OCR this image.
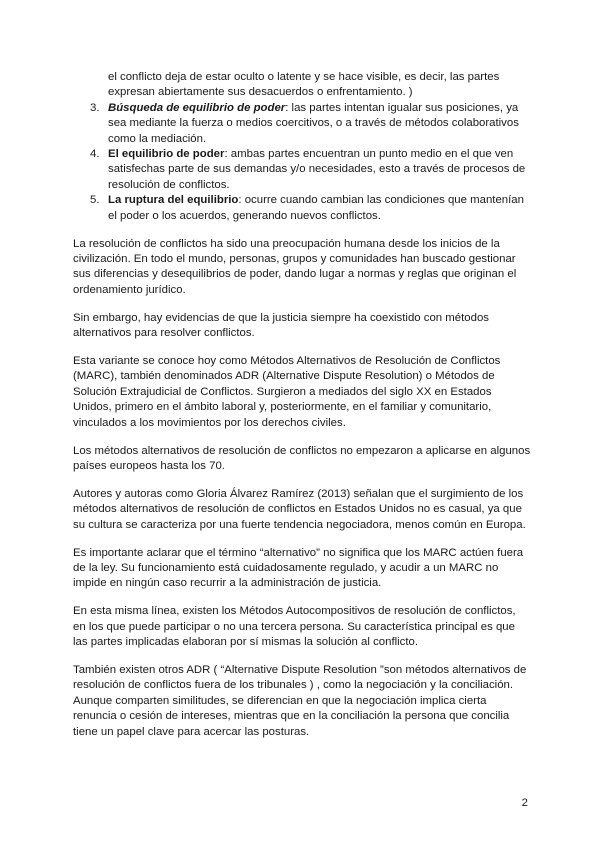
el conflicto deja de estar oculto o latente y se hace visible, es decir, las partes expresan abiertamente sus desacuerdos o enfrentamiento. )

3. Búsqueda de equilibrio de poder: las partes intentan igualar sus posiciones, ya sea mediante la fuerza o medios coercitivos, o a través de métodos colaborativos como la mediación.
4. El equilibrio de poder: ambas partes encuentran un punto medio en el que ven satisfechas parte de sus demandas y/o necesidades, esto a través de procesos de resolución de conflictos.
5. La ruptura del equilibrio: ocurre cuando cambian las condiciones que mantenían el poder o los acuerdos, generando nuevos conflictos.

La resolución de conflictos ha sido una preocupación humana desde los inicios de la civilización. En todo el mundo, personas, grupos y comunidades han buscado gestionar sus diferencias y desequilibrios de poder, dando lugar a normas y reglas que originan el ordenamiento jurídico.

Sin embargo, hay evidencias de que la justicia siempre ha coexistido con métodos alternativos para resolver conflictos.

Esta variante se conoce hoy como Métodos Alternativos de Resolución de Conflictos (MARC), también denominados ADR (Alternative Dispute Resolution) o Métodos de Solución Extrajudicial de Conflictos. Surgieron a mediados del siglo XX en Estados Unidos, primero en el ámbito laboral y, posteriormente, en el familiar y comunitario, vinculados a los movimientos por los derechos civiles.

Los métodos alternativos de resolución de conflictos no empezaron a aplicarse en algunos países europeos hasta los 70.

Autores y autoras como Gloria Álvarez Ramírez (2013) señalan que el surgimiento de los métodos alternativos de resolución de conflictos en Estados Unidos no es casual, ya que su cultura se caracteriza por una fuerte tendencia negociadora, menos común en Europa.

Es importante aclarar que el término “alternativo” no significa que los MARC actúen fuera de la ley. Su funcionamiento está cuidadosamente regulado, y acudir a un MARC no impide en ningún caso recurrir a la administración de justicia.

En esta misma línea, existen los Métodos Autocompositivos de resolución de conflictos, en los que puede participar o no una tercera persona. Su característica principal es que las partes implicadas elaboran por sí mismas la solución al conflicto.

También existen otros ADR ( “Alternative Dispute Resolution ”son métodos alternativos de resolución de conflictos fuera de los tribunales ) , como la negociación y la conciliación. Aunque comparten similitudes, se diferencian en que la negociación implica cierta renuncia o cesión de intereses, mientras que en la conciliación la persona que concilia tiene un papel clave para acercar las posturas.

2
